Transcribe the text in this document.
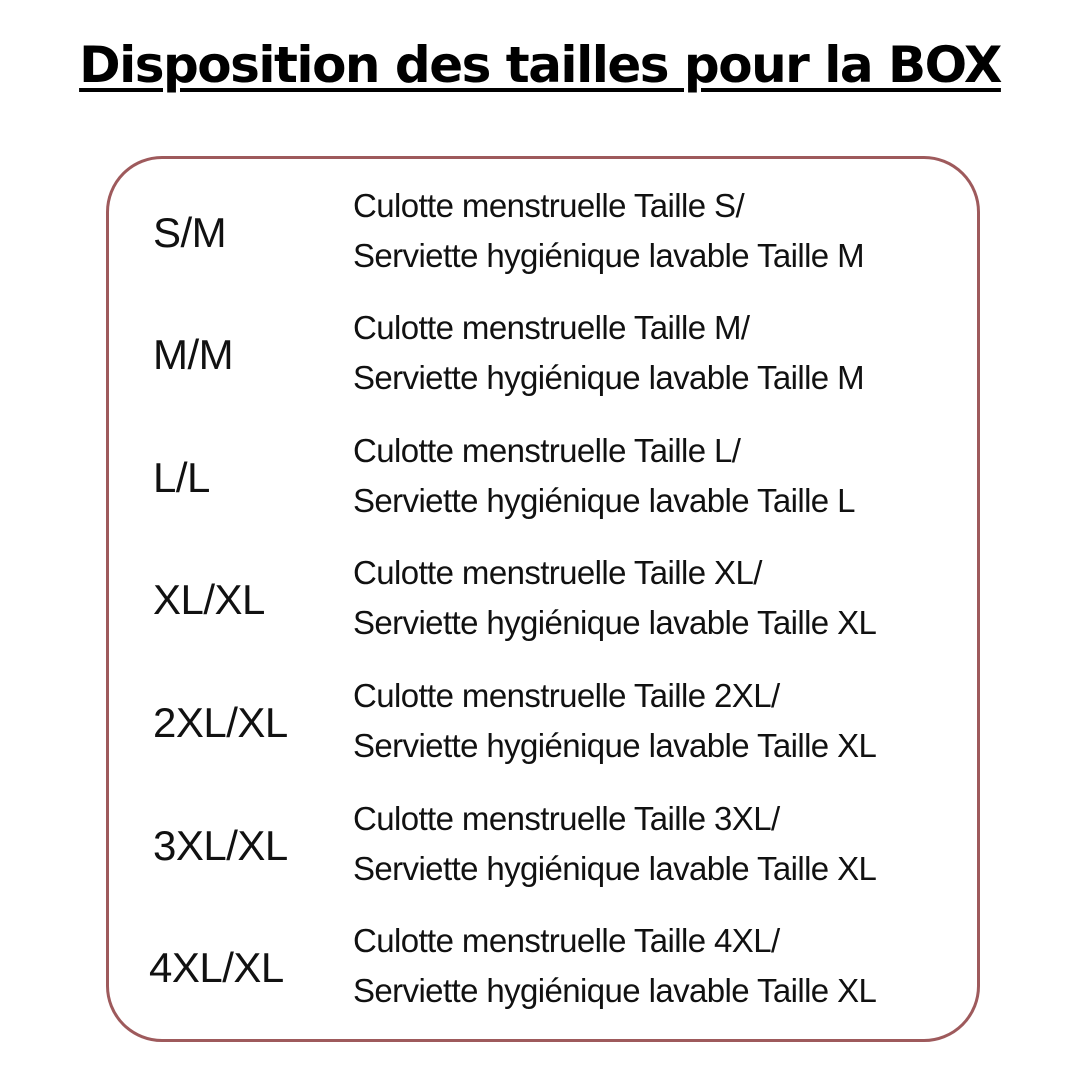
Disposition des tailles pour la BOX
S/M
Culotte menstruelle Taille S/
Serviette hygiénique lavable Taille M
M/M
Culotte menstruelle Taille M/
Serviette hygiénique lavable Taille M
L/L
Culotte menstruelle Taille L/
Serviette hygiénique lavable Taille L
XL/XL
Culotte menstruelle Taille XL/
Serviette hygiénique lavable Taille XL
2XL/XL
Culotte menstruelle Taille 2XL/
Serviette hygiénique lavable Taille XL
3XL/XL
Culotte menstruelle Taille 3XL/
Serviette hygiénique lavable Taille XL
4XL/XL
Culotte menstruelle Taille 4XL/
Serviette hygiénique lavable Taille XL
